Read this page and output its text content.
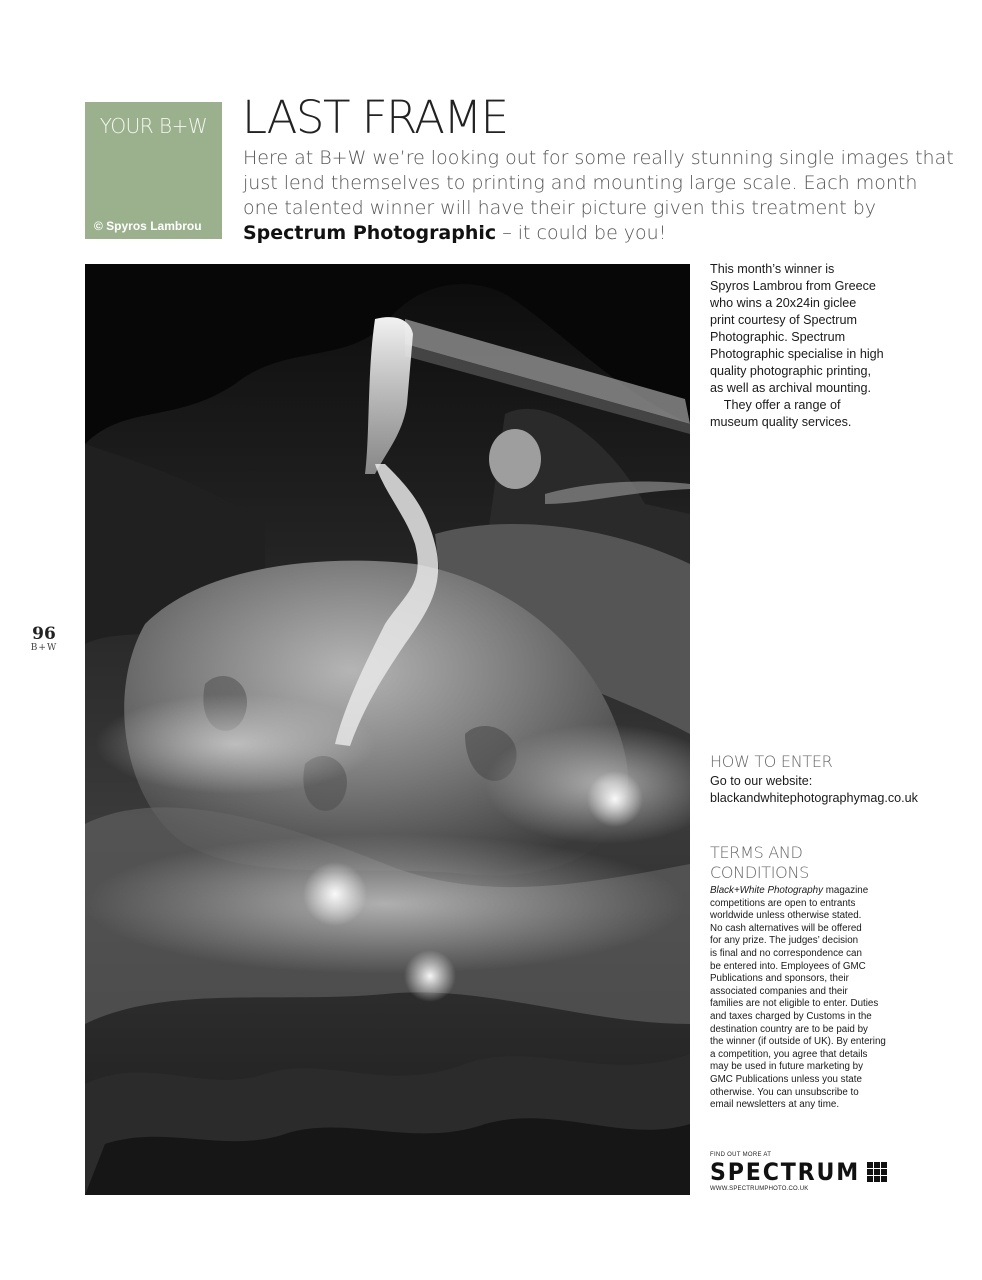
YOUR B+W
© Spyros Lambrou
LAST FRAME

Here at B+W we’re looking out for some really stunning single images that
just lend themselves to printing and mounting large scale. Each month
one talented winner will have their picture given this treatment by
Spectrum Photographic – it could be you!

96
B+W

This month’s winner is
Spyros Lambrou from Greece
who wins a 20x24in giclee
print courtesy of Spectrum
Photographic. Spectrum
Photographic specialise in high
quality photographic printing,
as well as archival mounting.
They offer a range of
museum quality services.

HOW TO ENTER

Go to our website:
blackandwhitephotographymag.co.uk

TERMS AND
CONDITIONS

Black+White Photography magazine
competitions are open to entrants
worldwide unless otherwise stated.
No cash alternatives will be offered
for any prize. The judges’ decision
is final and no correspondence can
be entered into. Employees of GMC
Publications and sponsors, their
associated companies and their
families are not eligible to enter. Duties
and taxes charged by Customs in the
destination country are to be paid by
the winner (if outside of UK). By entering
a competition, you agree that details
may be used in future marketing by
GMC Publications unless you state
otherwise. You can unsubscribe to
email newsletters at any time.

FIND OUT MORE AT
SPECTRUM
WWW.SPECTRUMPHOTO.CO.UK
